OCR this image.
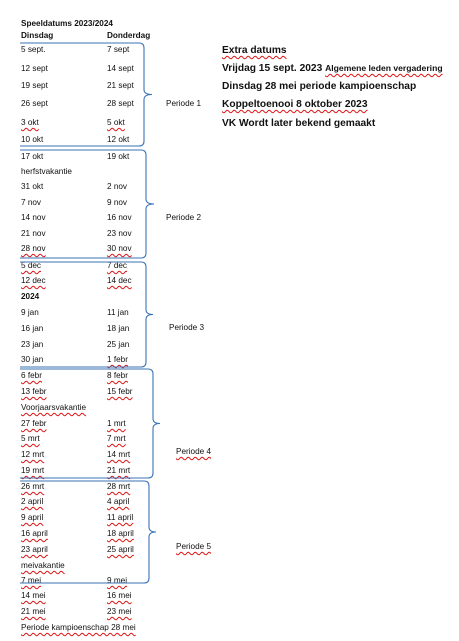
Speeldatums 2023/2024
Dinsdag	Donderdag
5 sept.	7 sept
12 sept	14 sept
19 sept	21 sept
26 sept	28 sept
3 okt	5 okt
10 okt	12 okt
17 okt	19 okt
herfstvakantie
31 okt	2 nov
7 nov	9 nov
14 nov	16 nov
21 nov	23 nov
28 nov	30 nov
5 dec	7 dec
12 dec	14 dec
2024
9 jan	11 jan
16 jan	18 jan
23 jan	25 jan
30 jan	1 febr
6 febr	8 febr
13 febr	15 febr
Voorjaarsvakantie
27 febr	1 mrt
5 mrt	7 mrt
12 mrt	14 mrt
19 mrt	21 mrt
26 mrt	28 mrt
2 april	4 april
9 april	11 april
16 april	18 april
23 april	25 april
meivakantie
7 mei	9 mei
14 mei	16 mei
21 mei	23 mei
Periode kampioenschap 28 mei
Periode 1
Periode 2
Periode 3
Periode 4
Periode 5
Extra datums
Vrijdag 15 sept. 2023 Algemene leden vergadering
Dinsdag 28 mei periode kampioenschap
Koppeltoenooi 8 oktober 2023
VK Wordt later bekend gemaakt
